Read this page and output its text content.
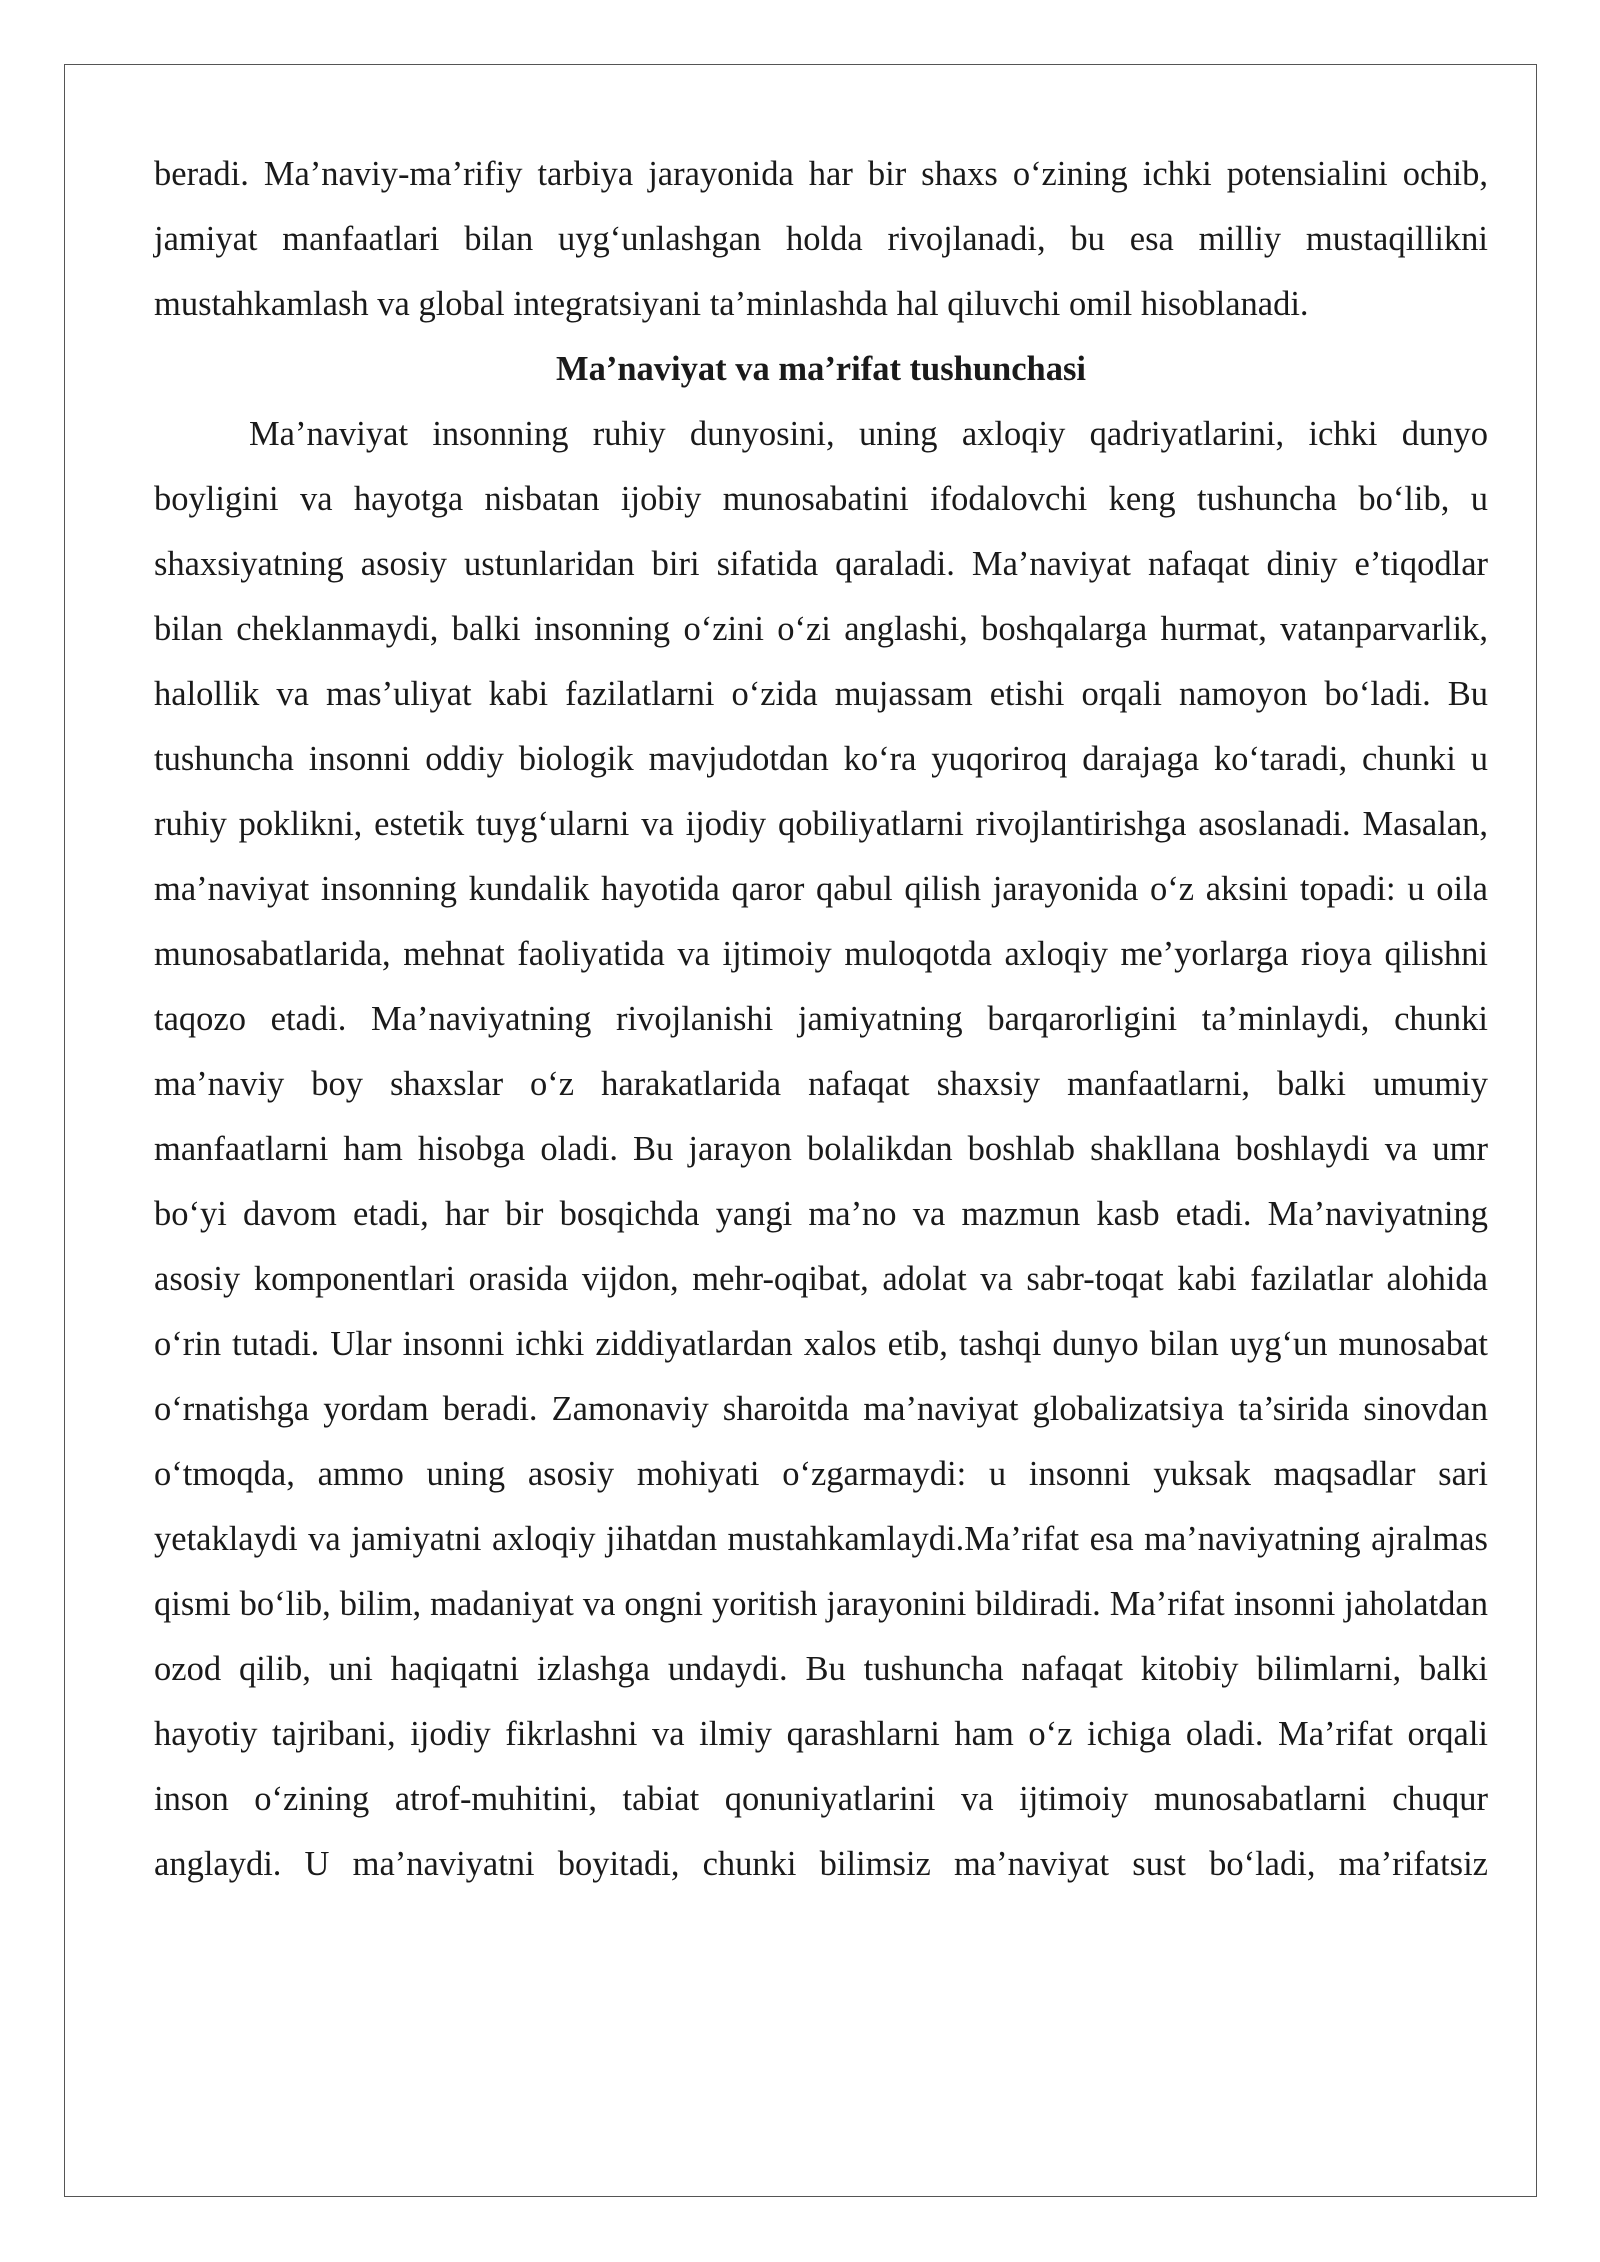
beradi. Ma’naviy-ma’rifiy tarbiya jarayonida har bir shaxs o‘zining ichki potensialini ochib, jamiyat manfaatlari bilan uyg‘unlashgan holda rivojlanadi, bu esa milliy mustaqillikni mustahkamlash va global integratsiyani ta’minlashda hal qiluvchi omil hisoblanadi.

Ma’naviyat va ma’rifat tushunchasi

Ma’naviyat insonning ruhiy dunyosini, uning axloqiy qadriyatlarini, ichki dunyo boyligini va hayotga nisbatan ijobiy munosabatini ifodalovchi keng tushuncha bo‘lib, u shaxsiyatning asosiy ustunlaridan biri sifatida qaraladi. Ma’naviyat nafaqat diniy e’tiqodlar bilan cheklanmaydi, balki insonning o‘zini o‘zi anglashi, boshqalarga hurmat, vatanparvarlik, halollik va mas’uliyat kabi fazilatlarni o‘zida mujassam etishi orqali namoyon bo‘ladi. Bu tushuncha insonni oddiy biologik mavjudotdan ko‘ra yuqoriroq darajaga ko‘taradi, chunki u ruhiy poklikni, estetik tuyg‘ularni va ijodiy qobiliyatlarni rivojlantirishga asoslanadi. Masalan, ma’naviyat insonning kundalik hayotida qaror qabul qilish jarayonida o‘z aksini topadi: u oila munosabatlarida, mehnat faoliyatida va ijtimoiy muloqotda axloqiy me’yorlarga rioya qilishni taqozo etadi. Ma’naviyatning rivojlanishi jamiyatning barqarorligini ta’minlaydi, chunki ma’naviy boy shaxslar o‘z harakatlarida nafaqat shaxsiy manfaatlarni, balki umumiy manfaatlarni ham hisobga oladi. Bu jarayon bolalikdan boshlab shakllana boshlaydi va umr bo‘yi davom etadi, har bir bosqichda yangi ma’no va mazmun kasb etadi. Ma’naviyatning asosiy komponentlari orasida vijdon, mehr-oqibat, adolat va sabr-toqat kabi fazilatlar alohida o‘rin tutadi. Ular insonni ichki ziddiyatlardan xalos etib, tashqi dunyo bilan uyg‘un munosabat o‘rnatishga yordam beradi. Zamonaviy sharoitda ma’naviyat globalizatsiya ta’sirida sinovdan o‘tmoqda, ammo uning asosiy mohiyati o‘zgarmaydi: u insonni yuksak maqsadlar sari yetaklaydi va jamiyatni axloqiy jihatdan mustahkamlaydi.Ma’rifat esa ma’naviyatning ajralmas qismi bo‘lib, bilim, madaniyat va ongni yoritish jarayonini bildiradi. Ma’rifat insonni jaholatdan ozod qilib, uni haqiqatni izlashga undaydi. Bu tushuncha nafaqat kitobiy bilimlarni, balki hayotiy tajribani, ijodiy fikrlashni va ilmiy qarashlarni ham o‘z ichiga oladi. Ma’rifat orqali inson o‘zining atrof-muhitini, tabiat qonuniyatlarini va ijtimoiy munosabatlarni chuqur anglaydi. U ma’naviyatni boyitadi, chunki bilimsiz ma’naviyat sust bo‘ladi, ma’rifatsiz
